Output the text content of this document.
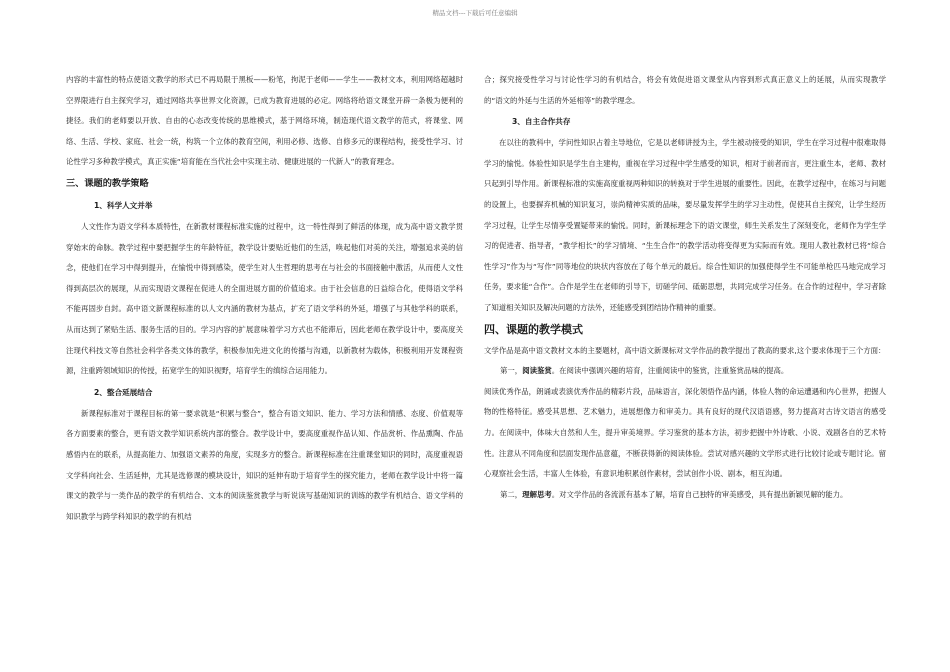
精品文档---下载后可任意编辑

内容的丰富性的特点使语文教学的形式已不再局限于黑板——粉笔，拘泥于老师——学生——教材文本，利用网络超越时空界限进行自主探究学习，通过网络共享世界文化资源，已成为教育进展的必定。网络将给语文课堂开辟一条极为便利的捷径。我们的老师要以开放、自由的心态改变传统的思维模式，基于网络环境，制造现代语文教学的范式，将课堂、网络、生活、学校、家庭、社会一统，构筑一个立体的教育空间，利用必修、选修、自修多元的课程结构，接受性学习、讨论性学习多种教学模式，真正实施“培育能在当代社会中实现主动、健康进展的一代新人”的教育理念。

三、课题的教学策略

1、科学人文并举

人文性作为语文学科本质特性，在新教材课程标准实施的过程中，这一特性得到了鲜活的体现，成为高中语文教学贯穿始末的命脉。教学过程中要把握学生的年龄特征，教学设计要贴近他们的生活，唤起他们对美的关注，增强追求美的信念，使他们在学习中得到提升，在愉悦中得到感染，使学生对人生哲理的思考在与社会的书面接触中激活，从而使人文性得到高层次的展现，从而实现语文课程在促进人的全面进展方面的价值追求。由于社会信息的日益综合化，使得语文学科不能再固步自封。高中语文新课程标准的以人文内涵的教材为基点，扩充了语文学科的外延，增强了与其他学科的联系，从而达到了紧贴生活、服务生活的目的。学习内容的扩展意味着学习方式也不能滞后，因此老师在教学设计中，要高度关注现代科技文等自然社会科学各类文体的教学，积极参加先进文化的传播与沟通，以新教材为载体，积极利用开发课程资源，注重跨领域知识的传授，拓宽学生的知识视野，培育学生的缜综合运用能力。

2、整合延展结合

新课程标准对于课程目标的第一要求就是“积累与整合”，整合有语文知识、能力、学习方法和情感、态度、价值观等各方面要素的整合，更有语文教学知识系统内部的整合。教学设计中，要高度重视作品认知、作品赏析、作品熏陶、作品感悟内在的联系，从提高能力、加强语文素养的角度，实现多方的整合。新课程标准在注重课堂知识的同时，高度重视语文学科向社会、生活延伸，尤其是选修课的模块设计，知识的延伸有助于培育学生的探究能力，老师在教学设计中将一篇课文的教学与一类作品的教学的有机结合、文本的阅读鉴赏教学与听说读写基础知识的训练的教学有机结合、语文学科的知识教学与跨学科知识的教学的有机结

合；探究接受性学习与讨论性学习的有机结合，将会有效促进语文课堂从内容到形式真正意义上的延展，从而实现教学的“语文的外延与生活的外延相等”的教学理念。

3、自主合作共存

在以往的教科中，学问性知识占着主导地位，它是以老师讲授为主，学生被动接受的知识，学生在学习过程中很难取得学习的愉悦。体验性知识是学生自主建构，重视在学习过程中学生感受的知识，相对于前者而言，更注重生本，老师、教材只起到引导作用。新课程标准的实施高度重视两种知识的转换对于学生进展的重要性。因此，在教学过程中，在练习与问题的设置上，也要摒弃机械的知识复习，崇尚精神实质的品味，要尽量发挥学生的学习主动性，促使其自主探究，让学生经历学习过程，让学生尽情享受置疑带来的愉悦。同时，新课标理念下的语文课堂，师生关系发生了深刻变化，老师作为学生学习的促进者、指导者，“教学相长”的学习情境、“生生合作”的教学活动将变得更为实际而有效。现用人教社教材已将“综合性学习”作为与“写作”同等地位的块状内容放在了每个单元的最后。综合性知识的加强使得学生不可能单枪匹马地完成学习任务，要求能“合作”。合作是学生在老师的引导下，切磋学问、砥砺思想，共同完成学习任务。在合作的过程中，学习者除了知道相关知识及解决问题的方法外，还能感受到团结协作精神的重要。

四、课题的教学模式

文学作品是高中语文教材文本的主要题材，高中语文新课标对文学作品的教学提出了教高的要求,这个要求体现于三个方面：

第一，阅读鉴赏。在阅读中强调兴趣的培育，注重阅读中的鉴赏，注重鉴赏品味的提高。

阅读优秀作品，朗诵或表演优秀作品的精彩片段，品味语言，深化领悟作品内涵，体验人物的命运遭遇和内心世界，把握人物的性格特征。感受其思想、艺术魅力，进展想像力和审美力。具有良好的现代汉语语感，努力提高对古诗文语言的感受力。在阅读中，体味大自然和人生，提升审美境界。学习鉴赏的基本方法，初步把握中外诗歌、小说、戏剧各自的艺术特性。注意从不同角度和层面发现作品意蕴，不断获得新的阅读体验。尝试对感兴趣的文学形式进行比较讨论或专题讨论。留心观察社会生活，丰富人生体验，有意识地积累创作素材，尝试创作小说、剧本，相互沟通。

第二，理解思考。对文学作品的各流派有基本了解，培育自己独特的审美感受，具有提出新颖见解的能力。
